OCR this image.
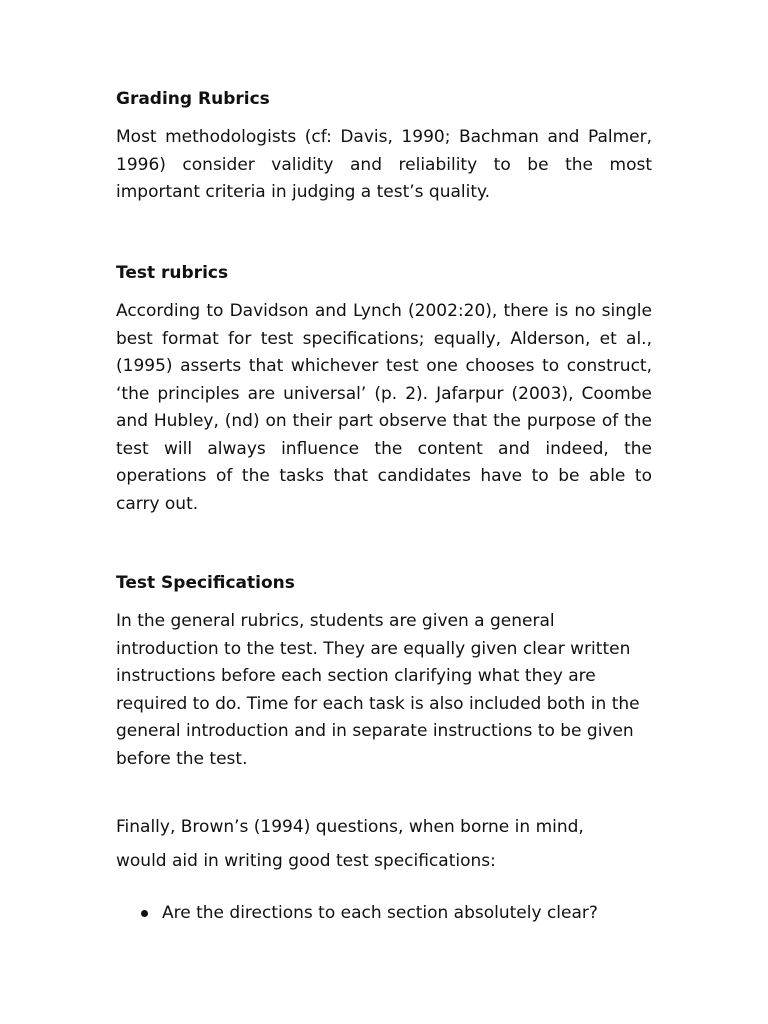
Grading Rubrics

Most methodologists (cf: Davis, 1990; Bachman and Palmer, 1996) consider validity and reliability to be the most important criteria in judging a test’s quality.

Test rubrics

According to Davidson and Lynch (2002:20), there is no single best format for test specifications; equally, Alderson, et al., (1995) asserts that whichever test one chooses to construct, ‘the principles are universal’ (p. 2). Jafarpur (2003), Coombe and Hubley, (nd) on their part observe that the purpose of the test will always influence the content and indeed, the operations of the tasks that candidates have to be able to carry out.

Test Specifications

In the general rubrics, students are given a general introduction to the test. They are equally given clear written instructions before each section clarifying what they are required to do. Time for each task is also included both in the general introduction and in separate instructions to be given before the test.

Finally, Brown’s (1994) questions, when borne in mind,

would aid in writing good test specifications:

Are the directions to each section absolutely clear?
